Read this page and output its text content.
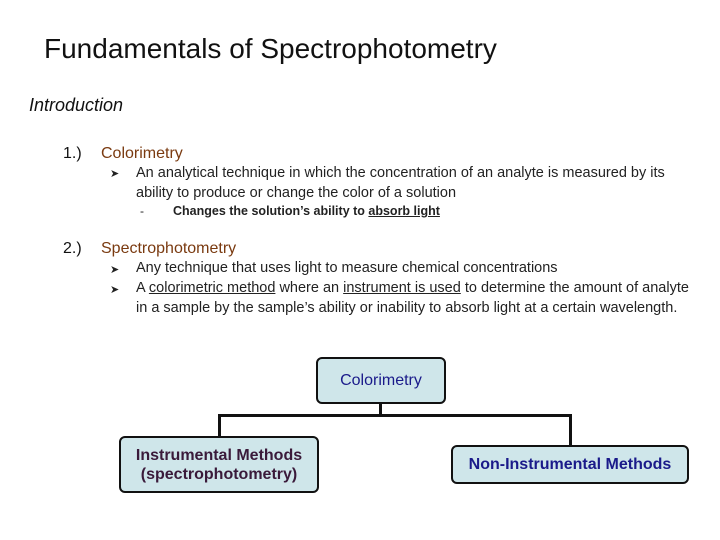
Fundamentals of Spectrophotometry
Introduction
1.) Colorimetry
➤ An analytical technique in which the concentration of an analyte is measured by its ability to produce or change the color of a solution
- Changes the solution’s ability to absorb light
2.) Spectrophotometry
➤ Any technique that uses light to measure chemical concentrations
➤ A colorimetric method where an instrument is used to determine the amount of analyte in a sample by the sample’s ability or inability to absorb light at a certain wavelength.
Colorimetry
Instrumental Methods (spectrophotometry)
Non-Instrumental Methods
